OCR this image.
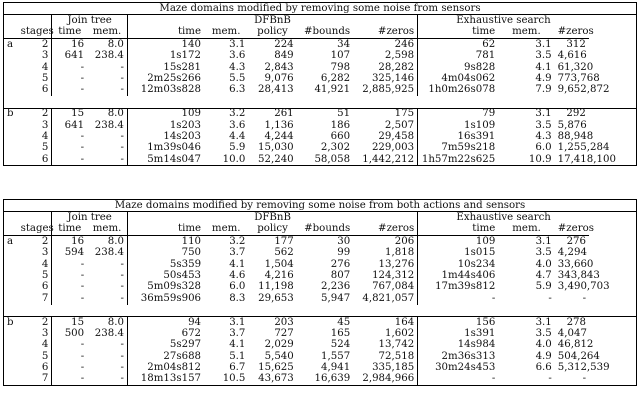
Maze domains modified by removing some noise from sensors											
		Join tree		DFBnB					Exhaustive search		
	stages	time	mem.	time	mem.	policy	#bounds	#zeros	time	mem.	#zeros
a	2	16	8.0	140	3.1	224	34	246	62	3.1	312
	3	641	238.4	1s172	3.6	849	107	2,598	781	3.5	4,616
	4	-	-	15s281	4.3	2,843	798	28,282	9s828	4.1	61,320
	5	-	-	2m25s266	5.5	9,076	6,282	325,146	4m04s062	4.9	773,768
	6	-	-	12m03s828	6.3	28,413	41,921	2,885,925	1h0m26s078	7.9	9,652,872

b	2	15	8.0	109	3.2	261	51	175	79	3.1	292
	3	641	238.4	1s203	3.6	1,136	186	2,507	1s109	3.5	5,876
	4	-	-	14s203	4.4	4,244	660	29,458	16s391	4.3	88,948
	5	-	-	1m39s046	5.9	15,030	2,302	229,003	7m59s218	6.0	1,255,284
	6	-	-	5m14s047	10.0	52,240	58,058	1,442,212	1h57m22s625	10.9	17,418,100
Maze domains modified by removing some noise from both actions and sensors											
		Join tree		DFBnB					Exhaustive search		
	stages	time	mem.	time	mem.	policy	#bounds	#zeros	time	mem.	#zeros
a	2	16	8.0	110	3.2	177	30	206	109	3.1	276
	3	594	238.4	750	3.7	562	99	1,818	1s015	3.5	4,294
	4	-	-	5s359	4.1	1,504	276	13,276	10s234	4.0	33,660
	5	-	-	50s453	4.6	4,216	807	124,312	1m44s406	4.7	343,843
	6	-	-	5m09s328	6.0	11,198	2,236	767,084	17m39s812	5.9	3,490,703
	7	-	-	36m59s906	8.3	29,653	5,947	4,821,057	-	-	-

b	2	15	8.0	94	3.1	203	45	164	156	3.1	278
	3	500	238.4	672	3.7	727	165	1,602	1s391	3.5	4,047
	4	-	-	5s297	4.1	2,029	524	13,742	14s984	4.0	46,812
	5	-	-	27s688	5.1	5,540	1,557	72,518	2m36s313	4.9	504,264
	6	-	-	2m04s812	6.7	15,625	4,941	335,185	30m24s453	6.6	5,312,539
	7	-	-	18m13s157	10.5	43,673	16,639	2,984,966	-	-	-
